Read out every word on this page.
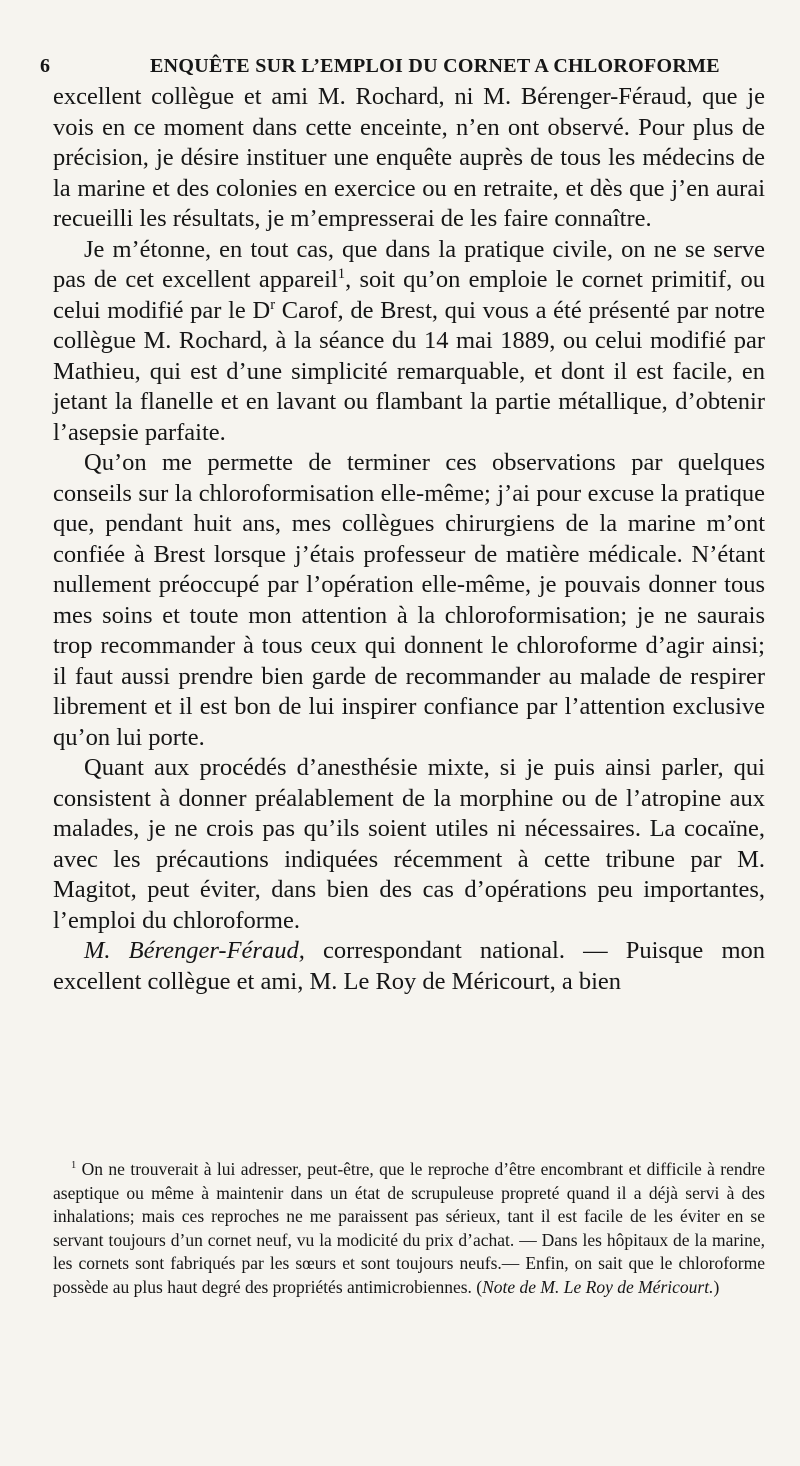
6	ENQUÊTE SUR L’EMPLOI DU CORNET A CHLOROFORME

excellent collègue et ami M. Rochard, ni M. Bérenger-Féraud, que je vois en ce moment dans cette enceinte, n’en ont observé. Pour plus de précision, je désire instituer une enquête auprès de tous les médecins de la marine et des colonies en exercice ou en retraite, et dès que j’en aurai recueilli les résultats, je m’empresserai de les faire connaître.

Je m’étonne, en tout cas, que dans la pratique civile, on ne se serve pas de cet excellent appareil$^1$, soit qu’on emploie le cornet primitif, ou celui modifié par le $D^r$ Carof, de Brest, qui vous a été présenté par notre collègue M. Rochard, à la séance du 14 mai 1889, ou celui modifié par Mathieu, qui est d’une simplicité remarquable, et dont il est facile, en jetant la flanelle et en lavant ou flambant la partie métallique, d’obtenir l’asepsie parfaite.

Qu’on me permette de terminer ces observations par quelques conseils sur la chloroformisation elle-même; j’ai pour excuse la pratique que, pendant huit ans, mes collègues chirurgiens de la marine m’ont confiée à Brest lorsque j’étais professeur de matière médicale. N’étant nullement préoccupé par l’opération elle-même, je pouvais donner tous mes soins et toute mon attention à la chloroformisation; je ne saurais trop recommander à tous ceux qui donnent le chloroforme d’agir ainsi; il faut aussi prendre bien garde de recommander au malade de respirer librement et il est bon de lui inspirer confiance par l’attention exclusive qu’on lui porte.

Quant aux procédés d’anesthésie mixte, si je puis ainsi parler, qui consistent à donner préalablement de la morphine ou de l’atropine aux malades, je ne crois pas qu’ils soient utiles ni nécessaires. La cocaïne, avec les précautions indiquées récemment à cette tribune par M. Magitot, peut éviter, dans bien des cas d’opérations peu importantes, l’emploi du chloroforme.

M. Bérenger-Féraud, correspondant national. — Puisque mon excellent collègue et ami, M. Le Roy de Méricourt, a bien

$^1$ On ne trouverait à lui adresser, peut-être, que le reproche d’être encombrant et difficile à rendre aseptique ou même à maintenir dans un état de scrupuleuse propreté quand il a déjà servi à des inhalations; mais ces reproches ne me paraissent pas sérieux, tant il est facile de les éviter en se servant toujours d’un cornet neuf, vu la modicité du prix d’achat. — Dans les hôpitaux de la marine, les cornets sont fabriqués par les sœurs et sont toujours neufs.— Enfin, on sait que le chloroforme possède au plus haut degré des propriétés antimicrobiennes. (Note de M. Le Roy de Méricourt.)
